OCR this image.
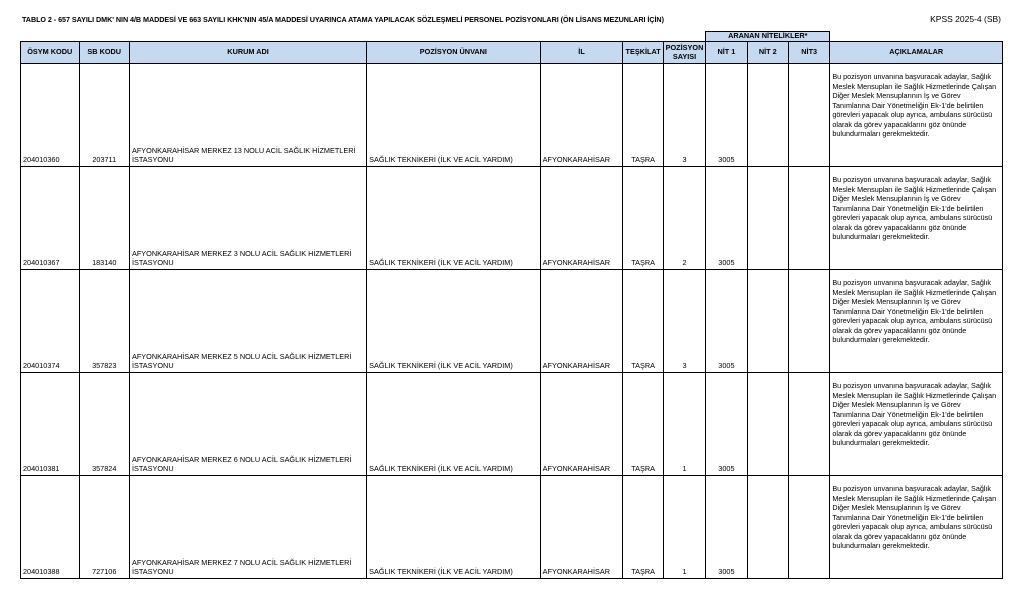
TABLO 2 - 657 SAYILI DMK' NIN 4/B MADDESİ VE 663 SAYILI KHK'NIN 45/A MADDESİ UYARINCA ATAMA YAPILACAK SÖZLEŞMELİ PERSONEL POZİSYONLARI (ÖN LİSANS MEZUNLARI İÇİN)	KPSS 2025-4 (SB)
							ARANAN NİTELİKLER*			
ÖSYM KODU	SB KODU	KURUM ADI	POZİSYON ÜNVANI	İL	TEŞKİLAT	POZİSYON SAYISI	NİT 1	NİT 2	NİT3	AÇIKLAMALAR
204010360	203711	AFYONKARAHİSAR MERKEZ 13 NOLU ACİL SAĞLIK HİZMETLERİ İSTASYONU	SAĞLIK TEKNİKERİ (İLK VE ACİL YARDIM)	AFYONKARAHİSAR	TAŞRA	3	3005			Bu pozisyon unvanına başvuracak adaylar, Sağlık Meslek Mensupları ile Sağlık Hizmetlerinde Çalışan Diğer Meslek Mensuplarının İş ve Görev Tanımlarına Dair Yönetmeliğin Ek-1'de belirtilen görevleri yapacak olup ayrıca, ambulans sürücüsü olarak da görev yapacaklarını göz önünde bulundurmaları gerekmektedir.
204010367	183140	AFYONKARAHİSAR MERKEZ 3 NOLU ACİL SAĞLIK HİZMETLERİ İSTASYONU	SAĞLIK TEKNİKERİ (İLK VE ACİL YARDIM)	AFYONKARAHİSAR	TAŞRA	2	3005			Bu pozisyon unvanına başvuracak adaylar, Sağlık Meslek Mensupları ile Sağlık Hizmetlerinde Çalışan Diğer Meslek Mensuplarının İş ve Görev Tanımlarına Dair Yönetmeliğin Ek-1'de belirtilen görevleri yapacak olup ayrıca, ambulans sürücüsü olarak da görev yapacaklarını göz önünde bulundurmaları gerekmektedir.
204010374	357823	AFYONKARAHİSAR MERKEZ 5 NOLU ACİL SAĞLIK HİZMETLERİ İSTASYONU	SAĞLIK TEKNİKERİ (İLK VE ACİL YARDIM)	AFYONKARAHİSAR	TAŞRA	3	3005			Bu pozisyon unvanına başvuracak adaylar, Sağlık Meslek Mensupları ile Sağlık Hizmetlerinde Çalışan Diğer Meslek Mensuplarının İş ve Görev Tanımlarına Dair Yönetmeliğin Ek-1'de belirtilen görevleri yapacak olup ayrıca, ambulans sürücüsü olarak da görev yapacaklarını göz önünde bulundurmaları gerekmektedir.
204010381	357824	AFYONKARAHİSAR MERKEZ 6 NOLU ACİL SAĞLIK HİZMETLERİ İSTASYONU	SAĞLIK TEKNİKERİ (İLK VE ACİL YARDIM)	AFYONKARAHİSAR	TAŞRA	1	3005			Bu pozisyon unvanına başvuracak adaylar, Sağlık Meslek Mensupları ile Sağlık Hizmetlerinde Çalışan Diğer Meslek Mensuplarının İş ve Görev Tanımlarına Dair Yönetmeliğin Ek-1'de belirtilen görevleri yapacak olup ayrıca, ambulans sürücüsü olarak da görev yapacaklarını göz önünde bulundurmaları gerekmektedir.
204010388	727106	AFYONKARAHİSAR MERKEZ 7 NOLU ACİL SAĞLIK HİZMETLERİ İSTASYONU	SAĞLIK TEKNİKERİ (İLK VE ACİL YARDIM)	AFYONKARAHİSAR	TAŞRA	1	3005			Bu pozisyon unvanına başvuracak adaylar, Sağlık Meslek Mensupları ile Sağlık Hizmetlerinde Çalışan Diğer Meslek Mensuplarının İş ve Görev Tanımlarına Dair Yönetmeliğin Ek-1'de belirtilen görevleri yapacak olup ayrıca, ambulans sürücüsü olarak da görev yapacaklarını göz önünde bulundurmaları gerekmektedir.
